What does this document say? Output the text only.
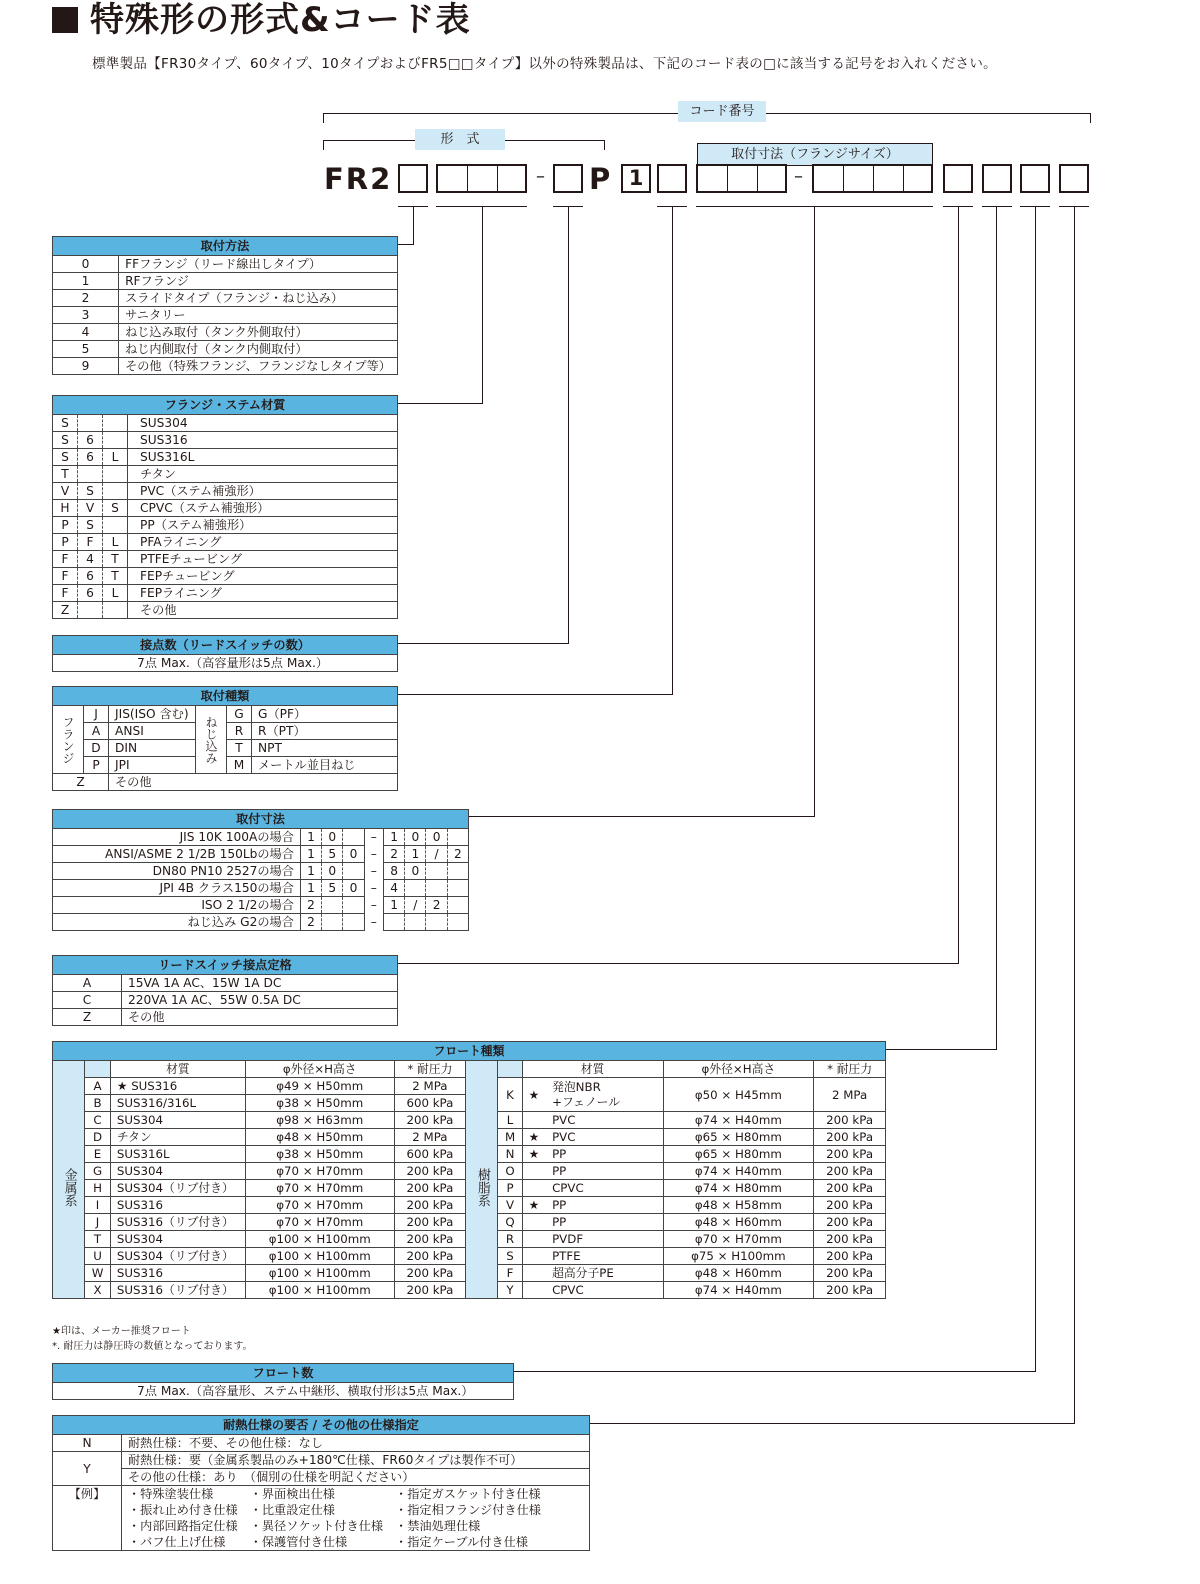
特殊形の形式&コード表
標準製品【FR30タイプ、60タイプ、10タイプおよびFR5□□タイプ】以外の特殊製品は、下記のコード表の□に該当する記号をお入れください。
コード番号
形　式
取付寸法（フランジサイズ）
FR2	– P 1	–
取付方法	
0	FFフランジ（リード線出しタイプ）
1	RFフランジ
2	スライドタイプ（フランジ・ねじ込み）
3	サニタリー
4	ねじ込み取付（タンク外側取付）
5	ねじ内側取付（タンク内側取付）
9	その他（特殊フランジ、フランジなしタイプ等）
フランジ・ステム材質			
S			SUS304
S	6		SUS316
S	6	L	SUS316L
T			チタン
V	S		PVC（ステム補強形）
H	V	S	CPVC（ステム補強形）
P	S		PP（ステム補強形）
P	F	L	PFAライニング
F	4	T	PTFEチュービング
F	6	T	FEPチュービング
F	6	L	FEPライニング
Z			その他
接点数（リードスイッチの数）
7点 Max.（高容量形は5点 Max.）
取付種類					
フランジ	J	JIS(ISO 含む)	ねじ込み	G	G（PF）
	A	ANSI		R	R（PT）
	D	DIN		T	NPT
	P	JPI		M	メートル並目ねじ
Z		その他			
取付寸法								
JIS 10K 100Aの場合	1	0		–	1	0	0	
ANSI/ASME 2 1/2B 150Lbの場合	1	5	0	–	2	1	/	2
DN80 PN10 2527の場合	1	0		–	8	0		
JPI 4B クラス150の場合	1	5	0	–	4			
ISO 2 1/2の場合	2			–	1	/	2	
ねじ込み G2の場合	2			–				
リードスイッチ接点定格	
A	15VA 1A AC、15W 1A DC
C	220VA 1A AC、55W 0.5A DC
Z	その他
フロート種類										
		材質	φ外径×H高さ	* 耐圧力			材質		φ外径×H高さ	* 耐圧力
金属系	A	★ SUS316	φ49 × H50mm	2 MPa	樹脂系	K	★	発泡NBR
+フェノール	φ50 × H45mm	2 MPa
	B	SUS316/316L	φ38 × H50mm	600 kPa						
	C	SUS304	φ98 × H63mm	200 kPa		L		PVC	φ74 × H40mm	200 kPa
	D	チタン	φ48 × H50mm	2 MPa		M	★	PVC	φ65 × H80mm	200 kPa
	E	SUS316L	φ38 × H50mm	600 kPa		N	★	PP	φ65 × H80mm	200 kPa
	G	SUS304	φ70 × H70mm	200 kPa		O		PP	φ74 × H40mm	200 kPa
	H	SUS304（リブ付き）	φ70 × H70mm	200 kPa		P		CPVC	φ74 × H80mm	200 kPa
	I	SUS316	φ70 × H70mm	200 kPa		V	★	PP	φ48 × H58mm	200 kPa
	J	SUS316（リブ付き）	φ70 × H70mm	200 kPa		Q		PP	φ48 × H60mm	200 kPa
	T	SUS304	φ100 × H100mm	200 kPa		R		PVDF	φ70 × H70mm	200 kPa
	U	SUS304（リブ付き）	φ100 × H100mm	200 kPa		S		PTFE	φ75 × H100mm	200 kPa
	W	SUS316	φ100 × H100mm	200 kPa		F		超高分子PE	φ48 × H60mm	200 kPa
	X	SUS316（リブ付き）	φ100 × H100mm	200 kPa		Y		CPVC	φ74 × H40mm	200 kPa
★印は、メーカー推奨フロート
*. 耐圧力は静圧時の数値となっております。
フロート数
7点 Max.（高容量形、ステム中継形、横取付形は5点 Max.）
耐熱仕様の要否 / その他の仕様指定			
N	耐熱仕様：不要、その他仕様：なし		
Y	耐熱仕様：要（金属系製品のみ+180℃仕様、FR60タイプは製作不可）		
	その他の仕様：あり　（個別の仕様を明記ください）		
【例】	・特殊塗装仕様	・界面検出仕様	・指定ガスケット付き仕様
	・振れ止め付き仕様	・比重設定仕様	・指定相フランジ付き仕様
	・内部回路指定仕様	・異径ソケット付き仕様	・禁油処理仕様
	・バフ仕上げ仕様	・保護管付き仕様	・指定ケーブル付き仕様
